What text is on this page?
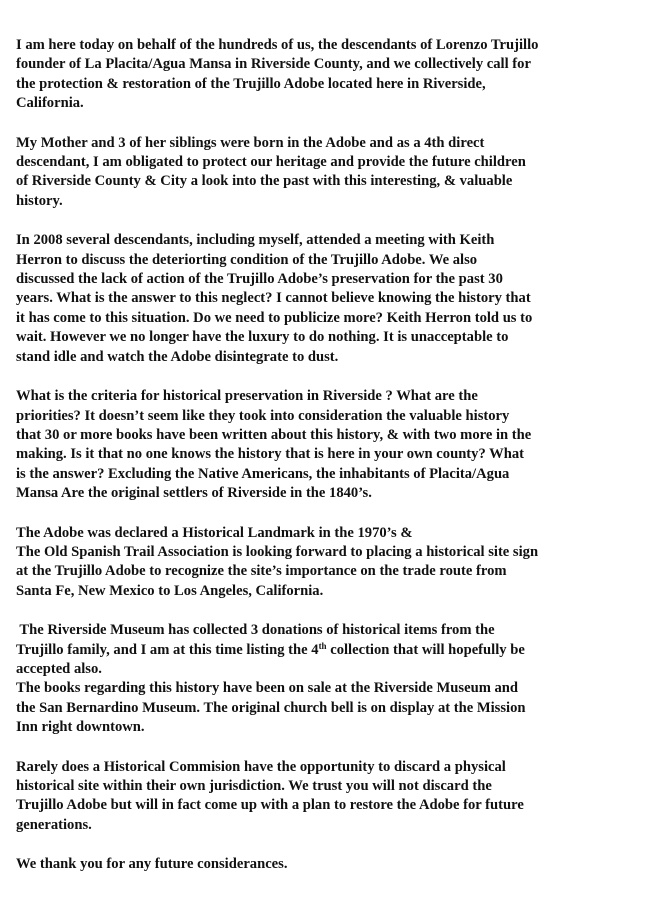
I am here today on behalf of the hundreds of us, the descendants of Lorenzo Trujillo
founder of La Placita/Agua Mansa in Riverside County, and we collectively call for
the protection & restoration of the Trujillo Adobe located here in Riverside,
California.

My Mother and 3 of her siblings were born in the Adobe and as a 4th direct
descendant, I am obligated to protect our heritage and provide the future children
of Riverside County & City a look into the past with this interesting, & valuable
history.

In 2008 several descendants, including myself, attended a meeting with Keith
Herron to discuss the deteriorting condition of the Trujillo Adobe. We also
discussed the lack of action of the Trujillo Adobe’s preservation for the past 30
years. What is the answer to this neglect? I cannot believe knowing the history that
it has come to this situation. Do we need to publicize more? Keith Herron told us to
wait. However we no longer have the luxury to do nothing. It is unacceptable to
stand idle and watch the Adobe disintegrate to dust.

What is the criteria for historical preservation in Riverside ? What are the
priorities? It doesn’t seem like they took into consideration the valuable history
that 30 or more books have been written about this history, & with two more in the
making. Is it that no one knows the history that is here in your own county? What
is the answer? Excluding the Native Americans, the inhabitants of Placita/Agua
Mansa Are the original settlers of Riverside in the 1840’s.

The Adobe was declared a Historical Landmark in the 1970’s &
The Old Spanish Trail Association is looking forward to placing a historical site sign
at the Trujillo Adobe to recognize the site’s importance on the trade route from
Santa Fe, New Mexico to Los Angeles, California.

The Riverside Museum has collected 3 donations of historical items from the
Trujillo family, and I am at this time listing the 4th collection that will hopefully be
accepted also.

The books regarding this history have been on sale at the Riverside Museum and
the San Bernardino Museum. The original church bell is on display at the Mission
Inn right downtown.

Rarely does a Historical Commision have the opportunity to discard a physical
historical site within their own jurisdiction. We trust you will not discard the
Trujillo Adobe but will in fact come up with a plan to restore the Adobe for future
generations.

We thank you for any future considerances.
